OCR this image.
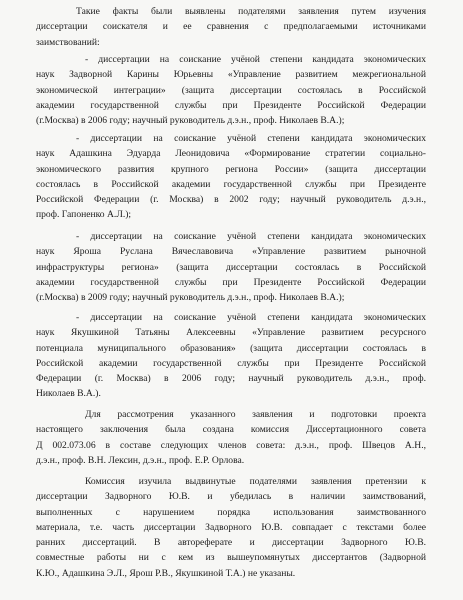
Такие факты были выявлены подателями заявления путем изучения
диссертации соискателя и ее сравнения с предполагаемыми источниками
заимствований:

- диссертации на соискание учёной степени кандидата экономических
наук Задворной Карины Юрьевны «Управление развитием межрегиональной
экономической интеграции» (защита диссертации состоялась в Российской
академии государственной службы при Президенте Российской Федерации
(г.Москва) в 2006 году; научный руководитель д.э.н., проф. Николаев В.А.);

- диссертации на соискание учёной степени кандидата экономических
наук Адашкина Эдуарда Леонидовича «Формирование стратегии социально-
экономического развития крупного региона России» (защита диссертации
состоялась в Российской академии государственной службы при Президенте
Российской Федерации (г. Москва) в 2002 году; научный руководитель д.э.н.,
проф. Гапоненко А.Л.);

- диссертации на соискание учёной степени кандидата экономических
наук Яроша Руслана Вячеславовича «Управление развитием рыночной
инфраструктуры региона» (защита диссертации состоялась в Российской
академии государственной службы при Президенте Российской Федерации
(г.Москва) в 2009 году; научный руководитель д.э.н., проф. Николаев В.А.);

- диссертации на соискание учёной степени кандидата экономических
наук Якушкиной Татьяны Алексеевны «Управление развитием ресурсного
потенциала муниципального образования» (защита диссертации состоялась в
Российской академии государственной службы при Президенте Российской
Федерации (г. Москва) в 2006 году; научный руководитель д.э.н., проф.
Николаев В.А.).

Для рассмотрения указанного заявления и подготовки проекта
настоящего заключения была создана комиссия Диссертационного совета
Д 002.073.06 в составе следующих членов совета: д.э.н., проф. Швецов А.Н.,
д.э.н., проф. В.Н. Лексин, д.э.н., проф. Е.Р. Орлова.

Комиссия изучила выдвинутые подателями заявления претензии к
диссертации Задворного Ю.В. и убедилась в наличии заимствований,
выполненных с нарушением порядка использования заимствованного
материала, т.е. часть диссертации Задворного Ю.В. совпадает с текстами более
ранних диссертаций. В автореферате и диссертации Задворного Ю.В.
совместные работы ни с кем из вышеупомянутых диссертантов (Задворной
К.Ю., Адашкина Э.Л., Ярош Р.В., Якушкиной Т.А.) не указаны.
